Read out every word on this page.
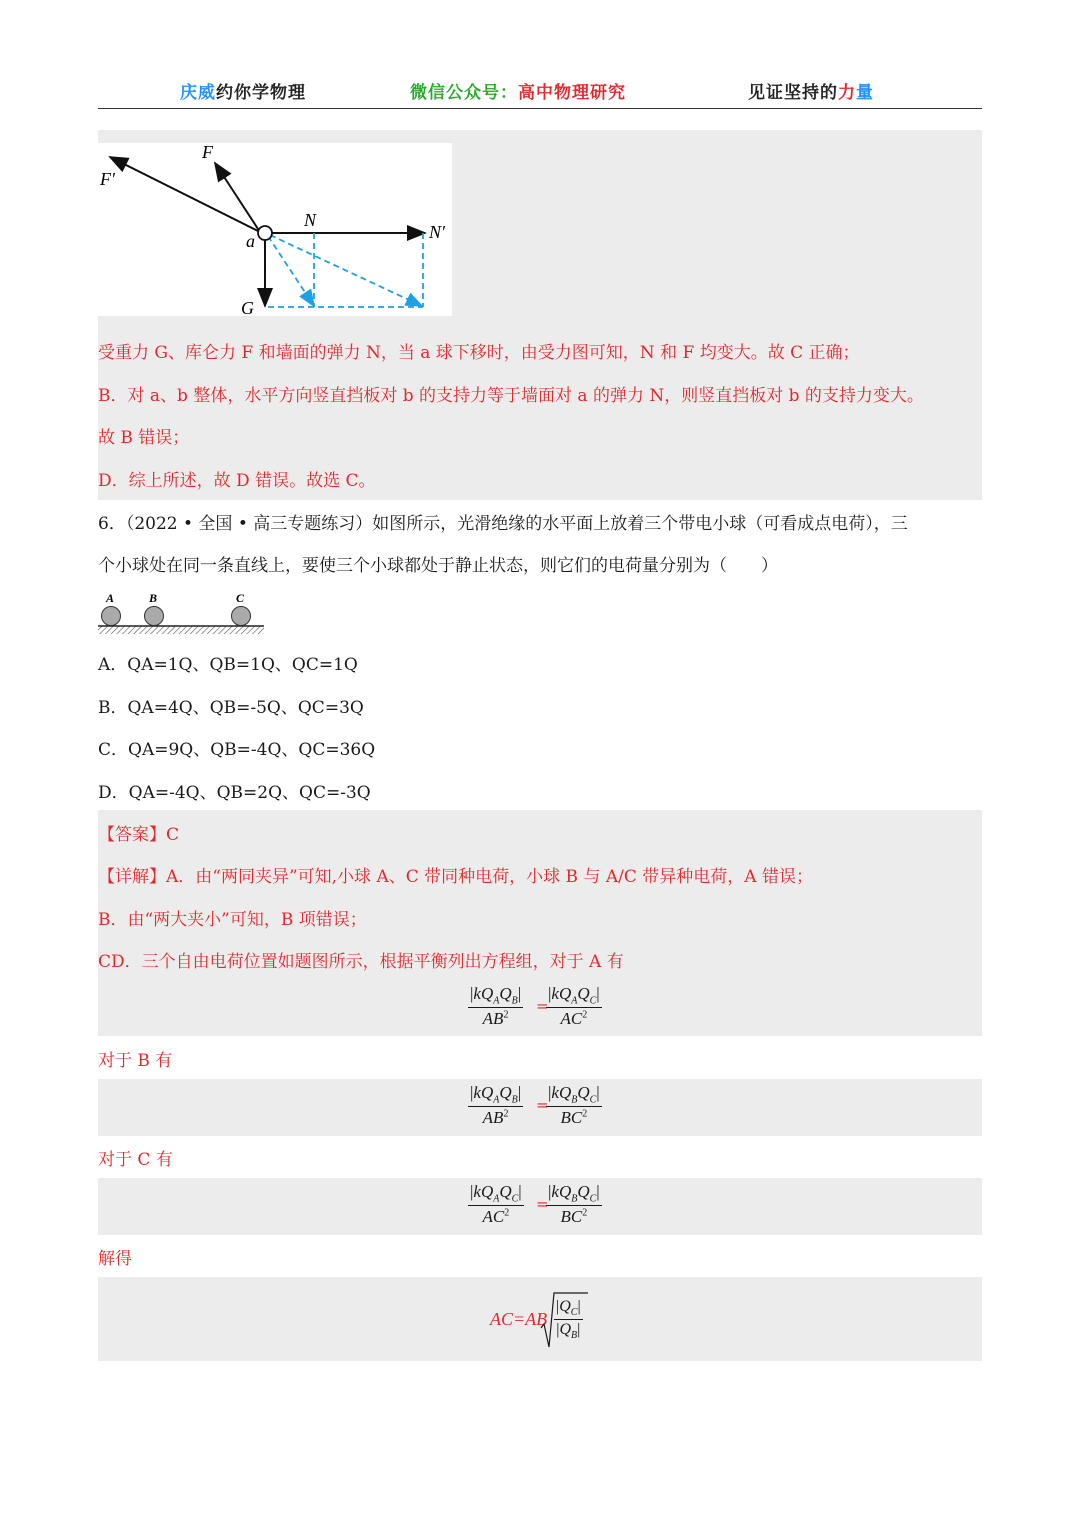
庆威约你学物理	微信公众号：高中物理研究	见证坚持的力量
F
F′
N
N′
a
G
受重力 G、库仑力 F 和墙面的弹力 N，当 a 球下移时，由受力图可知，N 和 F 均变大。故 C 正确；
B．对 a、b 整体，水平方向竖直挡板对 b 的支持力等于墙面对 a 的弹力 N，则竖直挡板对 b 的支持力变大。
故 B 错误；
D．综上所述，故 D 错误。故选 C。
6．（2022 • 全国 • 高三专题练习）如图所示，光滑绝缘的水平面上放着三个带电小球（可看成点电荷），三
个小球处在同一条直线上，要使三个小球都处于静止状态，则它们的电荷量分别为（　　）
A	B	C
A．QA=1Q、QB=1Q、QC=1Q
B．QA=4Q、QB=-5Q、QC=3Q
C．QA=9Q、QB=-4Q、QC=36Q
D．QA=-4Q、QB=2Q、QC=-3Q
【答案】C
【详解】A．由“两同夹异”可知,小球 A、C 带同种电荷，小球 B 与 A/C 带异种电荷，A 错误；
B．由“两大夹小”可知，B 项错误；
CD．三个自由电荷位置如题图所示，根据平衡列出方程组，对于 A 有
$|kQ_AQ_B|$
$AB^2$
=
$|kQ_AQ_C|$
$AC^2$
对于 B 有
$|kQ_AQ_B|$
$AB^2$
=
$|kQ_BQ_C|$
$BC^2$
对于 C 有
$|kQ_AQ_C|$
$AC^2$
=
$|kQ_BQ_C|$
$BC^2$
解得
$AC=AB \frac{|Q_C|}{|Q_B|}$
